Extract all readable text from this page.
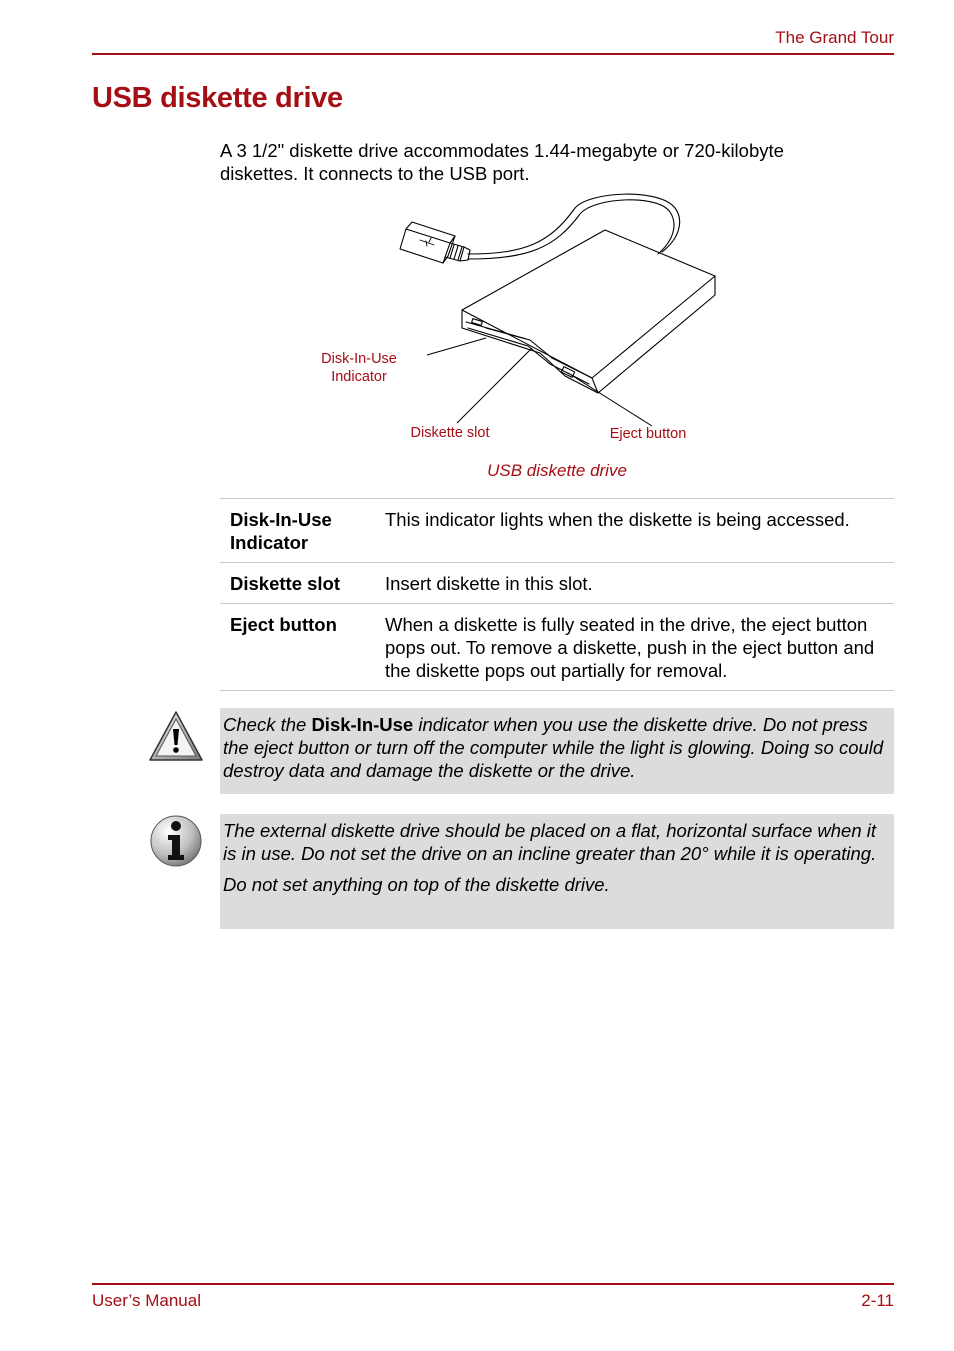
The Grand Tour
USB diskette drive

A 3 1/2" diskette drive accommodates 1.44-megabyte or 720-kilobyte diskettes. It connects to the USB port.

Disk-In-Use
Indicator
Diskette slot	Eject button
USB diskette drive
Disk-In-Use
Indicator	This indicator lights when the diskette is being accessed.

Diskette slot	Insert diskette in this slot.

Eject button	When a diskette is fully seated in the drive, the eject button pops out. To remove a diskette, push in the eject button and the diskette pops out partially for removal.

Check the Disk-In-Use indicator when you use the diskette drive. Do not press the eject button or turn off the computer while the light is glowing. Doing so could destroy data and damage the diskette or the drive.

The external diskette drive should be placed on a flat, horizontal surface when it is in use. Do not set the drive on an incline greater than 20° while it is operating.

Do not set anything on top of the diskette drive.

User’s Manual	2-11
